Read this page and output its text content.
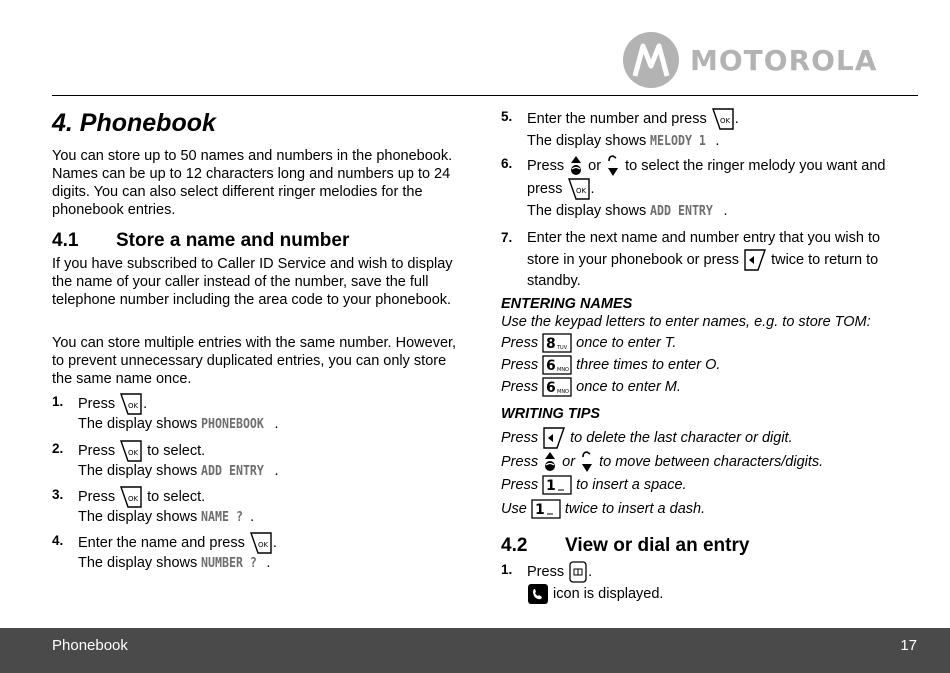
MOTOROLA
4. Phonebook
You can store up to 50 names and numbers in the phonebook. Names can be up to 12 characters long and numbers up to 24 digits. You can also select different ringer melodies for the phonebook entries.
4.1 Store a name and number
If you have subscribed to Caller ID Service and wish to display the name of your caller instead of the number, save the full telephone number including the area code to your phonebook.
You can store multiple entries with the same number. However, to prevent unnecessary duplicated entries, you can only store the same name once.
1. Press OK .
The display shows PHONEBOOK .
2. Press OK to select.
The display shows ADD ENTRY .
3. Press OK to select.
The display shows NAME ? .
4. Enter the name and press OK .
The display shows NUMBER ? .
5. Enter the number and press OK .
The display shows MELODY 1 .
6. Press or to select the ringer melody you want and
press OK .
The display shows ADD ENTRY .
7. Enter the next name and number entry that you wish to
store in your phonebook or press twice to return to
standby.
ENTERING NAMES
Use the keypad letters to enter names, e.g. to store TOM:
Press 8 TUV once to enter T.
Press 6 MNO three times to enter O.
Press 6 MNO once to enter M.
WRITING TIPS
Press to delete the last character or digit.
Press or to move between characters/digits.
Press 1 to insert a space.
Use 1 twice to insert a dash.
4.2 View or dial an entry
1. Press .
icon is displayed.
Phonebook	17
